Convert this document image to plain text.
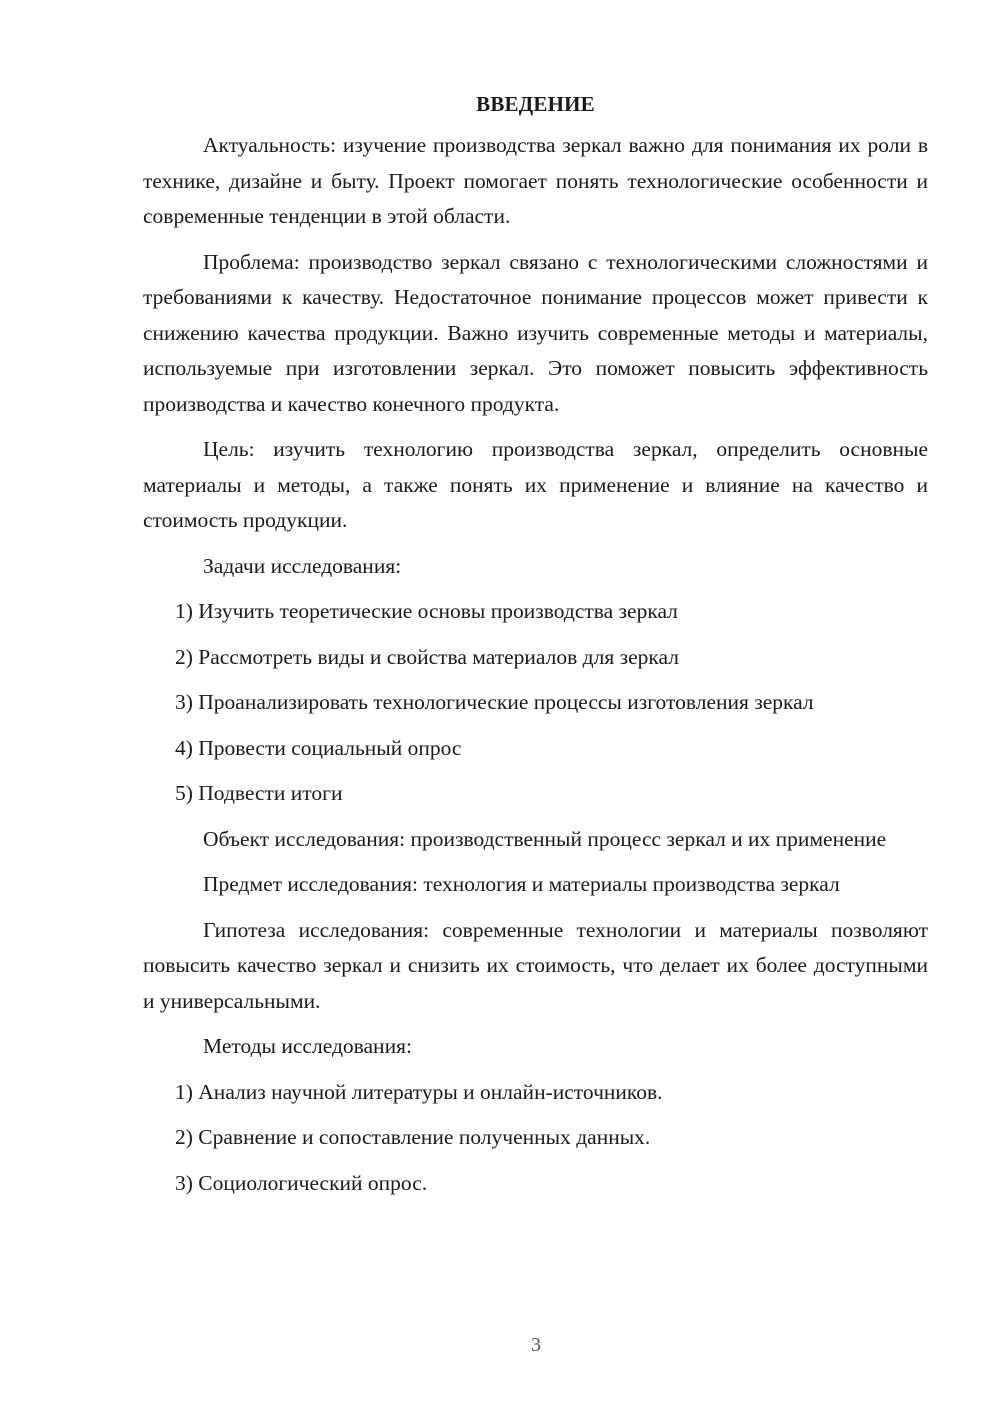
ВВЕДЕНИЕ

Актуальность: изучение производства зеркал важно для понимания их роли в технике, дизайне и быту. Проект помогает понять технологические особенности и современные тенденции в этой области.

Проблема: производство зеркал связано с технологическими сложностями и требованиями к качеству. Недостаточное понимание процессов может привести к снижению качества продукции. Важно изучить современные методы и материалы, используемые при изготовлении зеркал. Это поможет повысить эффективность производства и качество конечного продукта.

Цель: изучить технологию производства зеркал, определить основные материалы и методы, а также понять их применение и влияние на качество и стоимость продукции.

Задачи исследования:

1) Изучить теоретические основы производства зеркал
2) Рассмотреть виды и свойства материалов для зеркал
3) Проанализировать технологические процессы изготовления зеркал
4) Провести социальный опрос
5) Подвести итоги

Объект исследования: производственный процесс зеркал и их применение

Предмет исследования: технология и материалы производства зеркал

Гипотеза исследования: современные технологии и материалы позволяют повысить качество зеркал и снизить их стоимость, что делает их более доступными и универсальными.

Методы исследования:

1) Анализ научной литературы и онлайн-источников.
2) Сравнение и сопоставление полученных данных.
3) Социологический опрос.
3
